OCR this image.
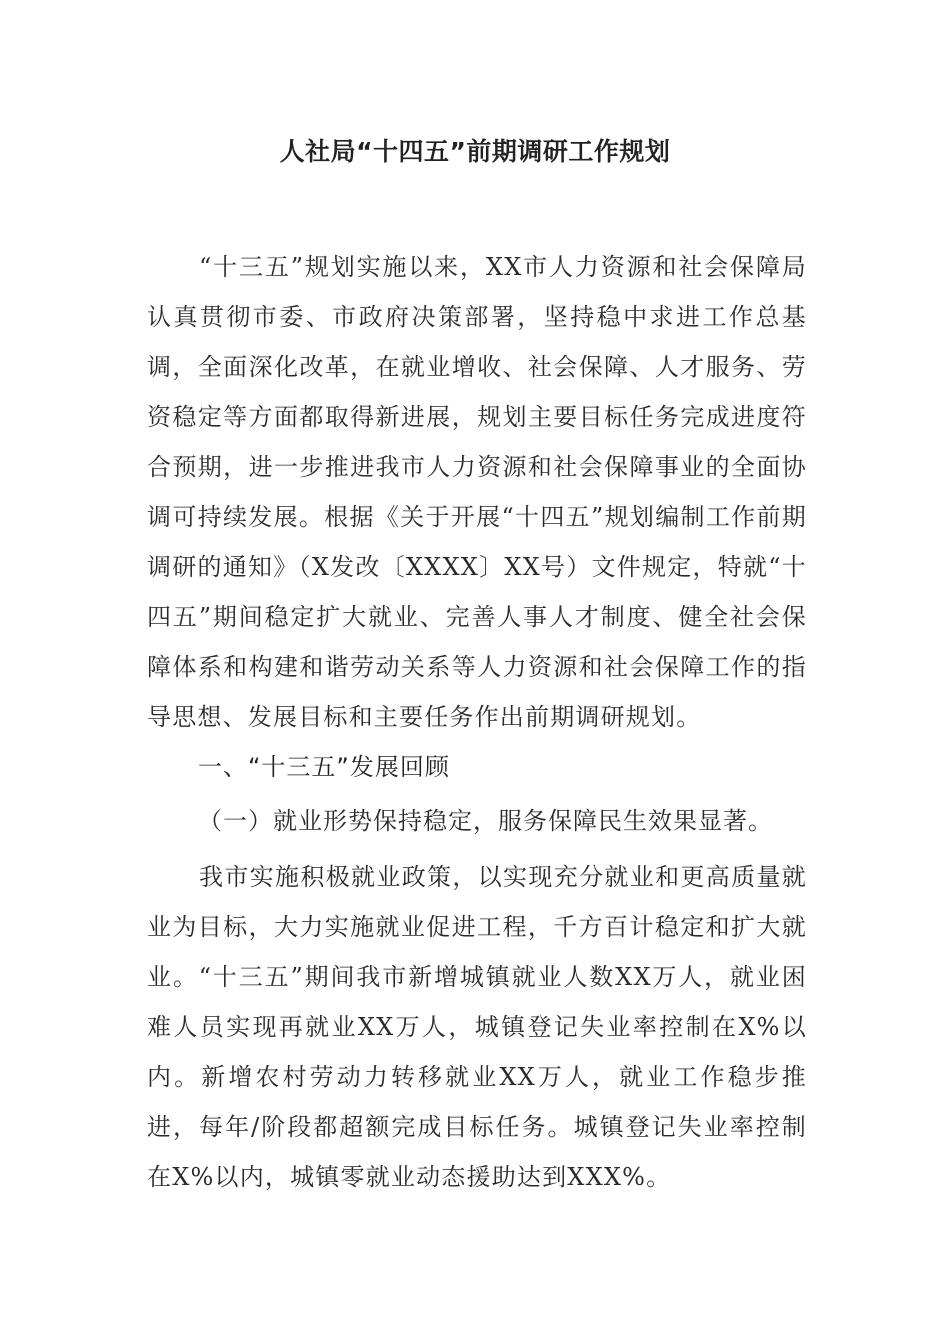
人社局“十四五”前期调研工作规划

“十三五”规划实施以来，XX市人力资源和社会保障局认真贯彻市委、市政府决策部署，坚持稳中求进工作总基调，全面深化改革，在就业增收、社会保障、人才服务、劳资稳定等方面都取得新进展，规划主要目标任务完成进度符合预期，进一步推进我市人力资源和社会保障事业的全面协调可持续发展。根据《关于开展“十四五”规划编制工作前期调研的通知》（X发改〔XXXX〕XX号）文件规定，特就“十四五”期间稳定扩大就业、完善人事人才制度、健全社会保障体系和构建和谐劳动关系等人力资源和社会保障工作的指导思想、发展目标和主要任务作出前期调研规划。

一、“十三五”发展回顾
（一）就业形势保持稳定，服务保障民生效果显著。

我市实施积极就业政策，以实现充分就业和更高质量就业为目标，大力实施就业促进工程，千方百计稳定和扩大就业。“十三五”期间我市新增城镇就业人数XX万人，就业困难人员实现再就业XX万人，城镇登记失业率控制在X%以内。新增农村劳动力转移就业XX万人，就业工作稳步推进，每年/阶段都超额完成目标任务。城镇登记失业率控制在X%以内，城镇零就业动态援助达到XXX%。
